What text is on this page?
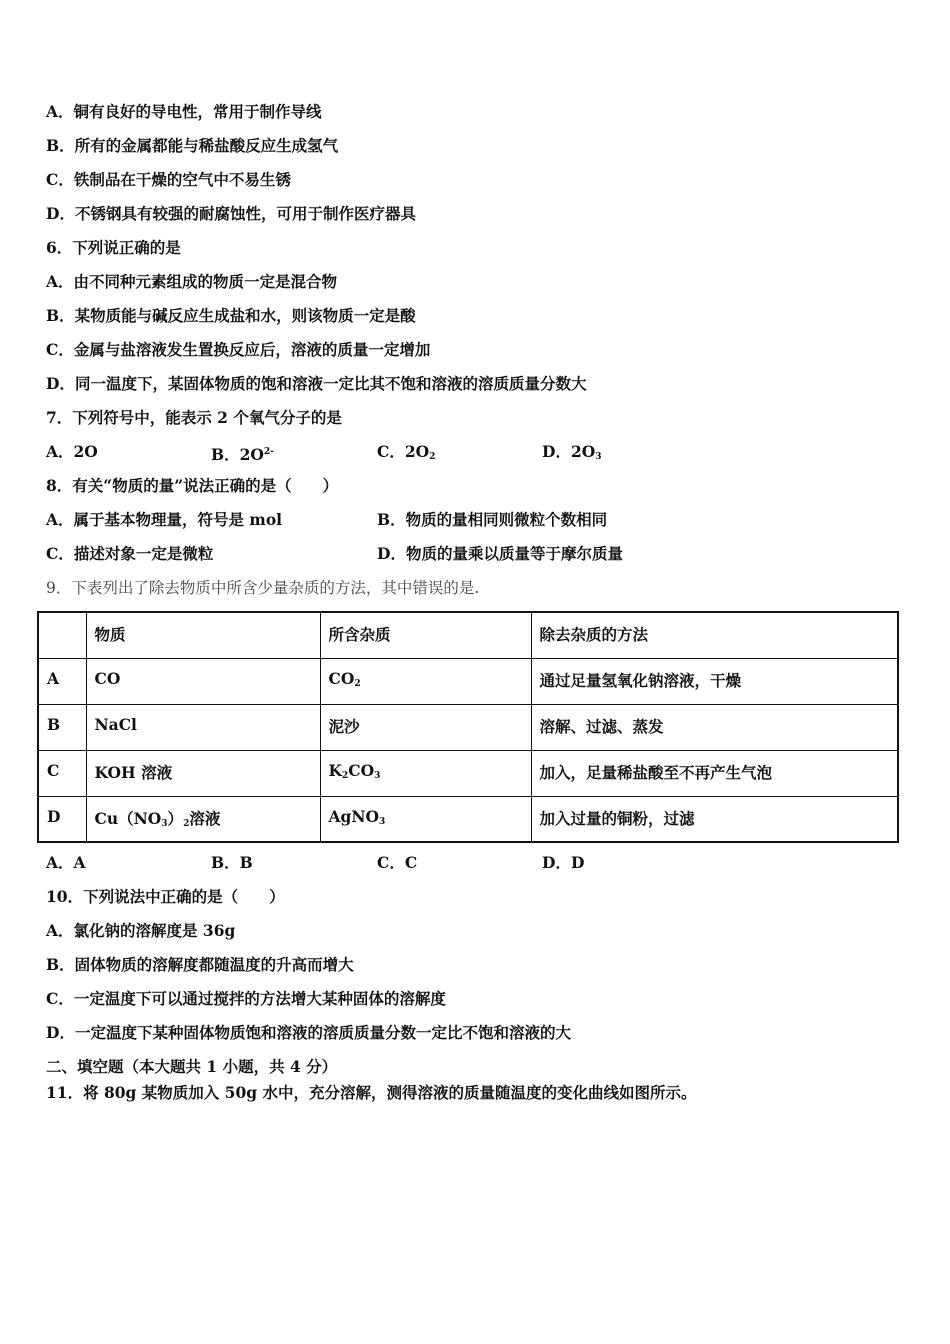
A．铜有良好的导电性，常用于制作导线
B．所有的金属都能与稀盐酸反应生成氢气
C．铁制品在干燥的空气中不易生锈
D．不锈钢具有较强的耐腐蚀性，可用于制作医疗器具
6．下列说正确的是
A．由不同种元素组成的物质一定是混合物
B．某物质能与碱反应生成盐和水，则该物质一定是酸
C．金属与盐溶液发生置换反应后，溶液的质量一定增加
D．同一温度下，某固体物质的饱和溶液一定比其不饱和溶液的溶质质量分数大
7．下列符号中，能表示 2 个氧气分子的是
A．2O	B．$2O^{2-}$	C．$2O_2$	D．$2O_3$
8．有关“物质的量”说法正确的是（　　）
A．属于基本物理量，符号是 mol	B．物质的量相同则微粒个数相同
C．描述对象一定是微粒	D．物质的量乘以质量等于摩尔质量
9．下表列出了除去物质中所含少量杂质的方法，其中错误的是.
	物质	所含杂质	除去杂质的方法
A	CO	$CO_2$	通过足量氢氧化钠溶液，干燥
B	NaCl	泥沙	溶解、过滤、蒸发
C	KOH 溶液	$K_2CO_3$	加入，足量稀盐酸至不再产生气泡
D	$Cu(NO_3)_2$溶液	AgNO$_3$	加入过量的铜粉，过滤
A．A	B．B	C．C	D．D
10．下列说法中正确的是（　　）
A．氯化钠的溶解度是 36g
B．固体物质的溶解度都随温度的升高而增大
C．一定温度下可以通过搅拌的方法增大某种固体的溶解度
D．一定温度下某种固体物质饱和溶液的溶质质量分数一定比不饱和溶液的大
二、填空题（本大题共 1 小题，共 4 分）
11．将 80g 某物质加入 50g 水中，充分溶解，测得溶液的质量随温度的变化曲线如图所示。
